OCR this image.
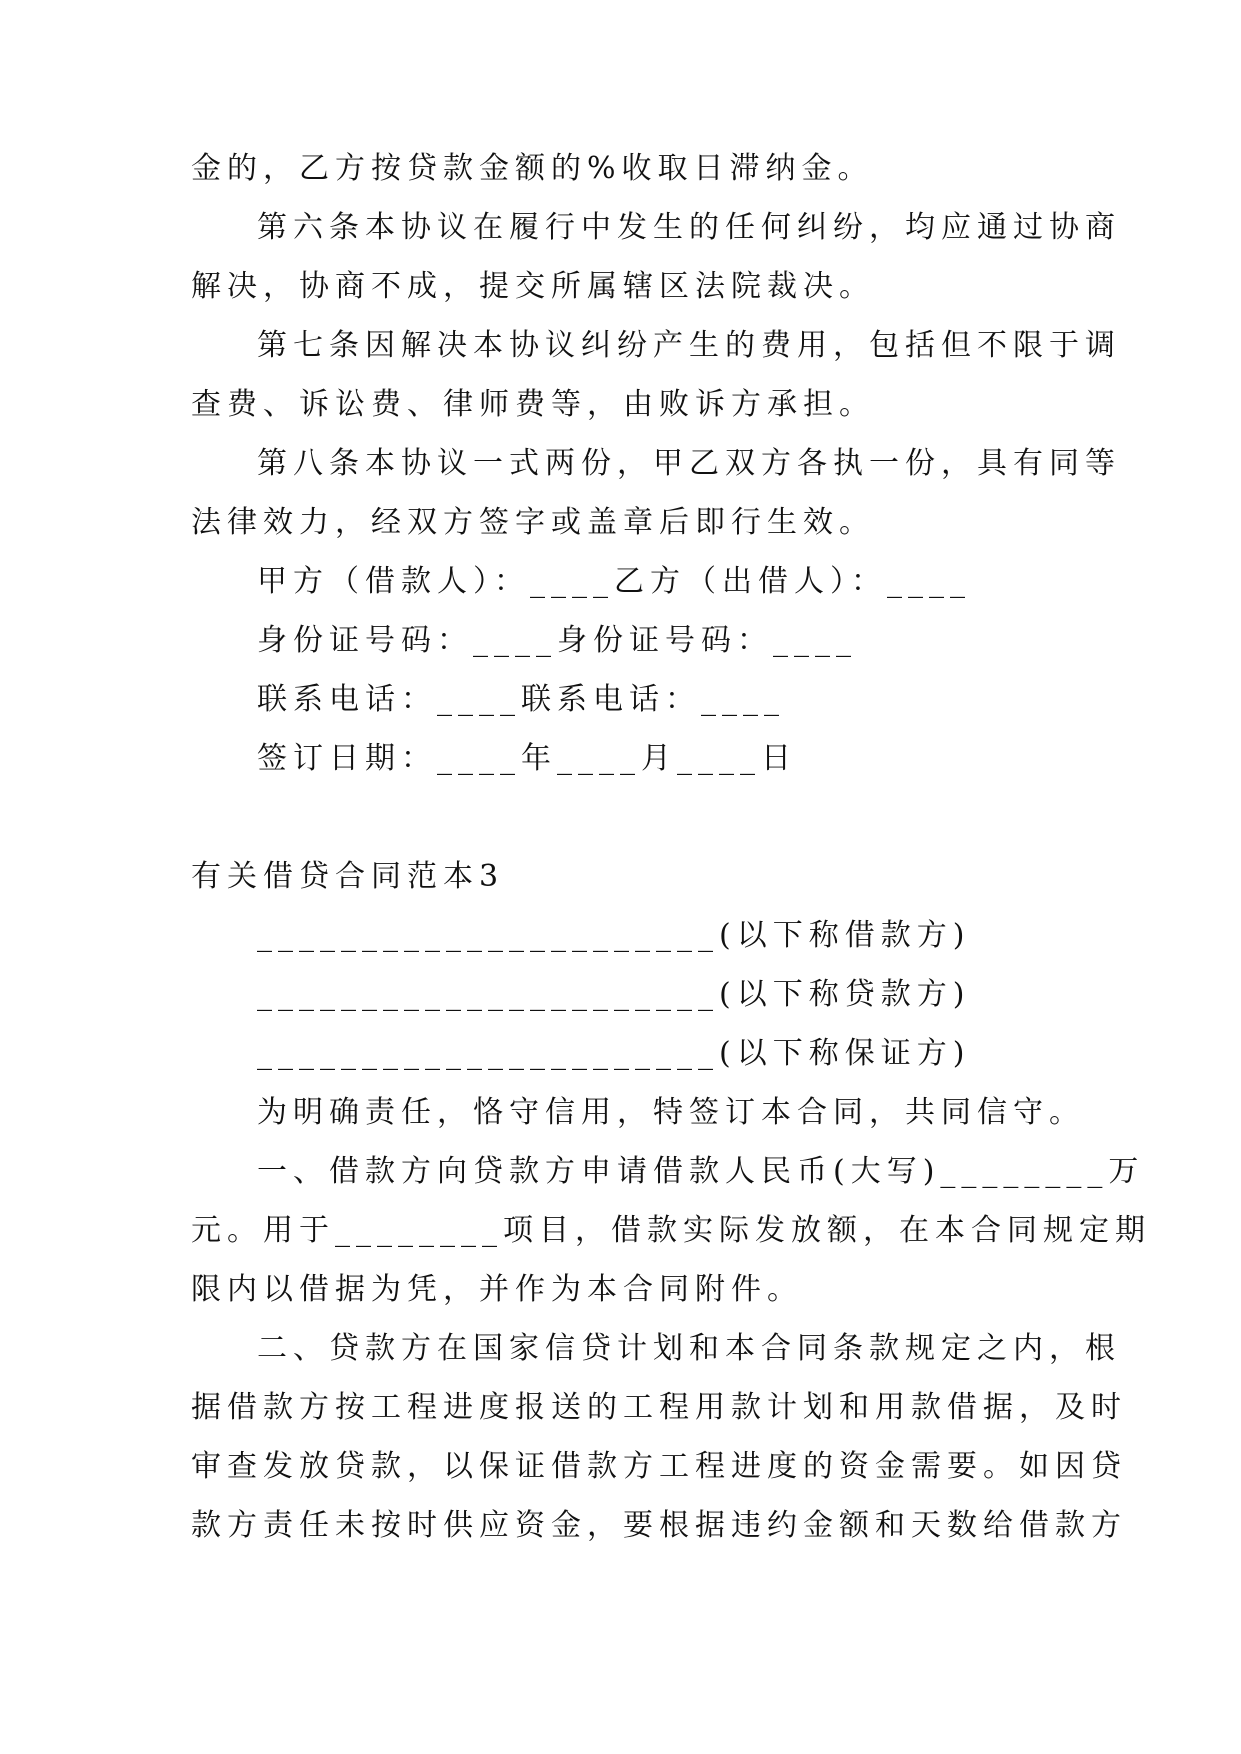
金的，乙方按贷款金额的%收取日滞纳金。

第六条本协议在履行中发生的任何纠纷，均应通过协商

解决，协商不成，提交所属辖区法院裁决。

第七条因解决本协议纠纷产生的费用，包括但不限于调

查费、诉讼费、律师费等，由败诉方承担。

第八条本协议一式两份，甲乙双方各执一份，具有同等

法律效力，经双方签字或盖章后即行生效。

甲方（借款人）：____乙方（出借人）：____

身份证号码：____身份证号码：____

联系电话：____联系电话：____

签订日期：____年____月____日

有关借贷合同范本3

______________________(以下称借款方)

______________________(以下称贷款方)

______________________(以下称保证方)

为明确责任，恪守信用，特签订本合同，共同信守。

一、借款方向贷款方申请借款人民币(大写)________万

元。用于________项目，借款实际发放额，在本合同规定期

限内以借据为凭，并作为本合同附件。

二、贷款方在国家信贷计划和本合同条款规定之内，根

据借款方按工程进度报送的工程用款计划和用款借据，及时

审查发放贷款，以保证借款方工程进度的资金需要。如因贷

款方责任未按时供应资金，要根据违约金额和天数给借款方
